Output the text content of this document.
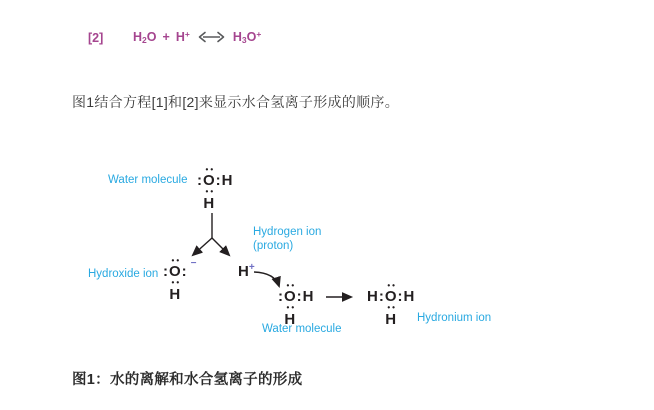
[2] $H_2O + H^+$	$H_3O^+$

图1结合方程[1]和[2]来显示水合氢离子形成的顺序。

Water molecule
Hydrogen ion
(proton)
Hydroxide ion
Water molecule
Hydronium ion
••
: O :H
••
H
••
: O : −
••
H
H+
••
: O :H
••
H
••
H: O :H
••
H

图1：水的离解和水合氢离子的形成
